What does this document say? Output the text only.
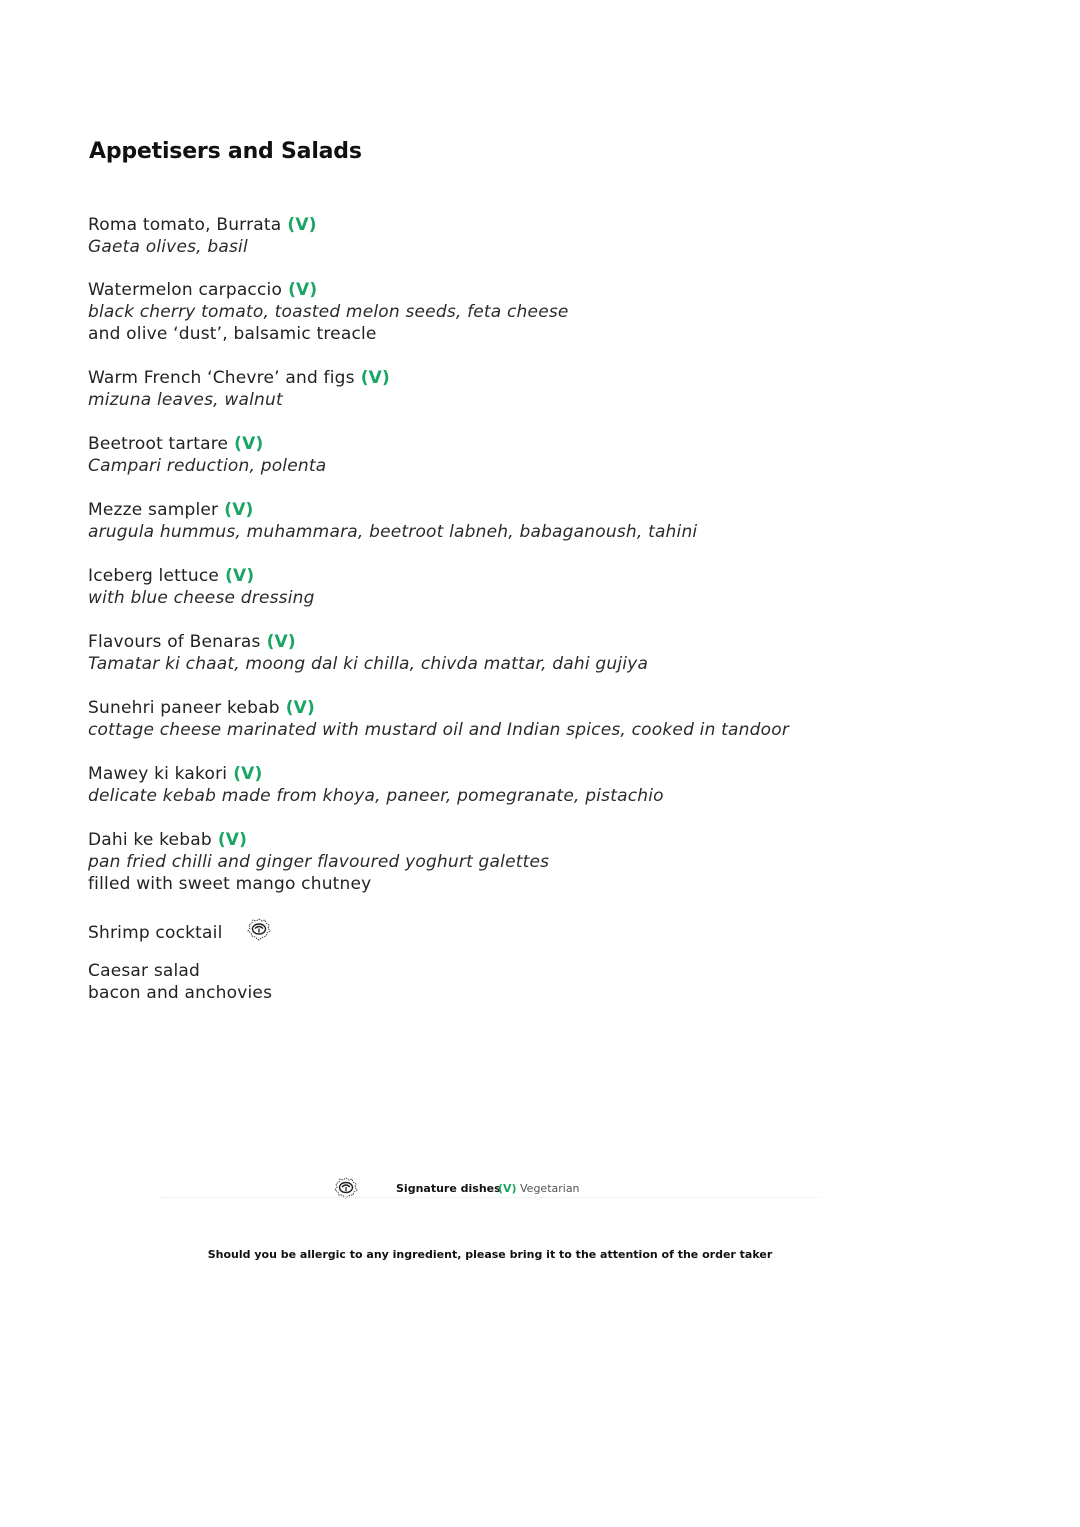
Appetisers and Salads
Roma tomato, Burrata (V)
Gaeta olives, basil
Watermelon carpaccio (V)
black cherry tomato, toasted melon seeds, feta cheese
and olive ‘dust’, balsamic treacle
Warm French ‘Chevre’ and figs (V)
mizuna leaves, walnut
Beetroot tartare (V)
Campari reduction, polenta
Mezze sampler (V)
arugula hummus, muhammara, beetroot labneh, babaganoush, tahini
Iceberg lettuce (V)
with blue cheese dressing
Flavours of Benaras (V)
Tamatar ki chaat, moong dal ki chilla, chivda mattar, dahi gujiya
Sunehri paneer kebab (V)
cottage cheese marinated with mustard oil and Indian spices, cooked in tandoor
Mawey ki kakori (V)
delicate kebab made from khoya, paneer, pomegranate, pistachio
Dahi ke kebab (V)
pan fried chilli and ginger flavoured yoghurt galettes
filled with sweet mango chutney
Shrimp cocktail
Caesar salad
bacon and anchovies
Signature dishes
(V) Vegetarian
Should you be allergic to any ingredient, please bring it to the attention of the order taker
